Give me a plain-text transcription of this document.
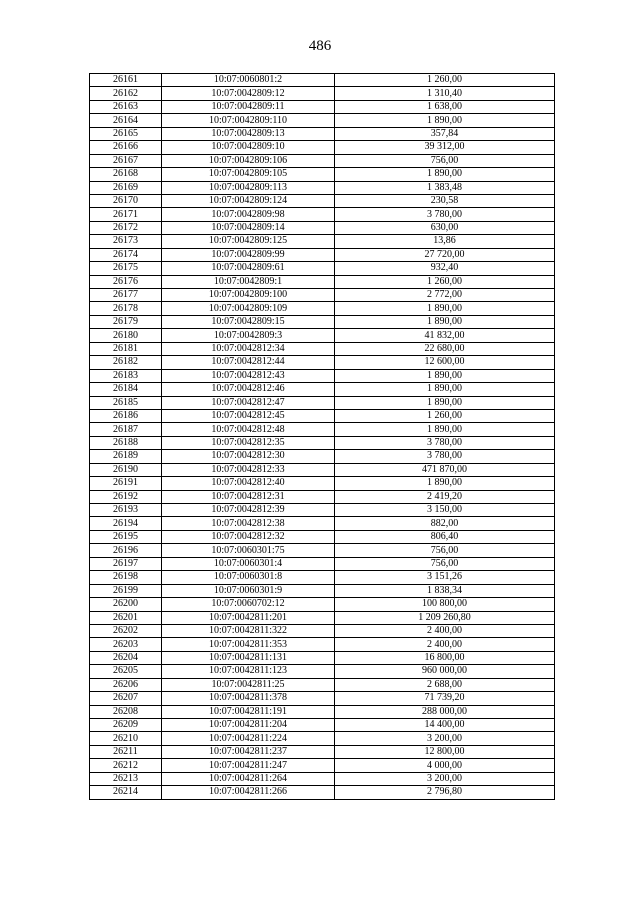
486
26161	10:07:0060801:2	1 260,00
26162	10:07:0042809:12	1 310,40
26163	10:07:0042809:11	1 638,00
26164	10:07:0042809:110	1 890,00
26165	10:07:0042809:13	357,84
26166	10:07:0042809:10	39 312,00
26167	10:07:0042809:106	756,00
26168	10:07:0042809:105	1 890,00
26169	10:07:0042809:113	1 383,48
26170	10:07:0042809:124	230,58
26171	10:07:0042809:98	3 780,00
26172	10:07:0042809:14	630,00
26173	10:07:0042809:125	13,86
26174	10:07:0042809:99	27 720,00
26175	10:07:0042809:61	932,40
26176	10:07:0042809:1	1 260,00
26177	10:07:0042809:100	2 772,00
26178	10:07:0042809:109	1 890,00
26179	10:07:0042809:15	1 890,00
26180	10:07:0042809:3	41 832,00
26181	10:07:0042812:34	22 680,00
26182	10:07:0042812:44	12 600,00
26183	10:07:0042812:43	1 890,00
26184	10:07:0042812:46	1 890,00
26185	10:07:0042812:47	1 890,00
26186	10:07:0042812:45	1 260,00
26187	10:07:0042812:48	1 890,00
26188	10:07:0042812:35	3 780,00
26189	10:07:0042812:30	3 780,00
26190	10:07:0042812:33	471 870,00
26191	10:07:0042812:40	1 890,00
26192	10:07:0042812:31	2 419,20
26193	10:07:0042812:39	3 150,00
26194	10:07:0042812:38	882,00
26195	10:07:0042812:32	806,40
26196	10:07:0060301:75	756,00
26197	10:07:0060301:4	756,00
26198	10:07:0060301:8	3 151,26
26199	10:07:0060301:9	1 838,34
26200	10:07:0060702:12	100 800,00
26201	10:07:0042811:201	1 209 260,80
26202	10:07:0042811:322	2 400,00
26203	10:07:0042811:353	2 400,00
26204	10:07:0042811:131	16 800,00
26205	10:07:0042811:123	960 000,00
26206	10:07:0042811:25	2 688,00
26207	10:07:0042811:378	71 739,20
26208	10:07:0042811:191	288 000,00
26209	10:07:0042811:204	14 400,00
26210	10:07:0042811:224	3 200,00
26211	10:07:0042811:237	12 800,00
26212	10:07:0042811:247	4 000,00
26213	10:07:0042811:264	3 200,00
26214	10:07:0042811:266	2 796,80
